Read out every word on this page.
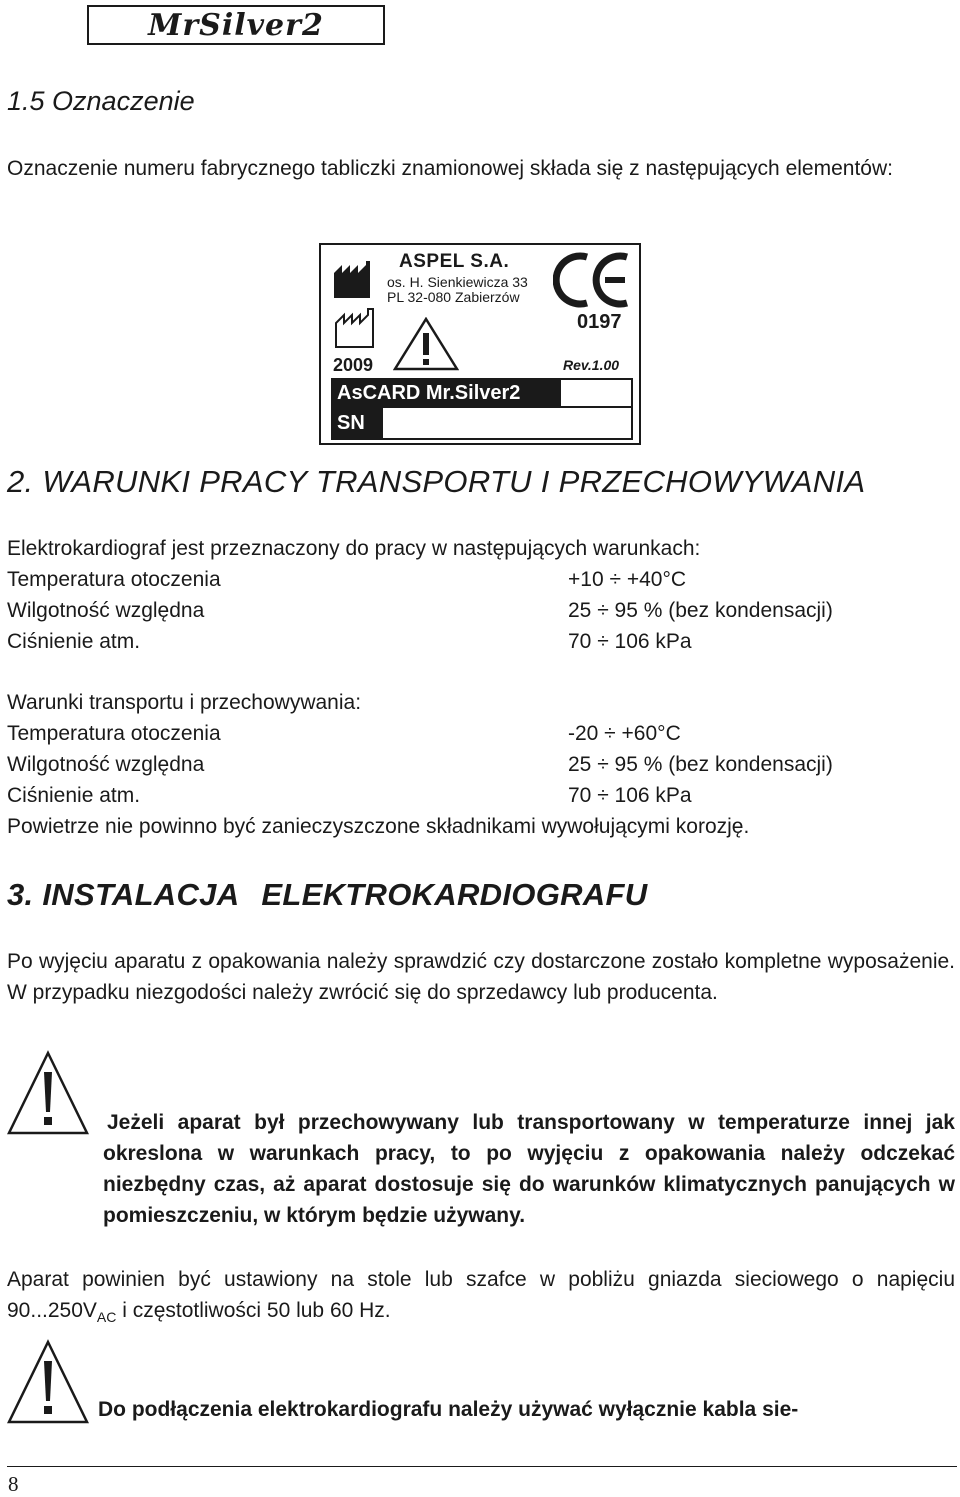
MrSilver2
1.5 Oznaczenie
Oznaczenie numeru fabrycznego tabliczki znamionowej składa się z następujących elementów:
ASPEL S.A.
os. H. Sienkiewicza 33
PL 32-080 Zabierzów
0197
2009	Rev.1.00
AsCARD Mr.Silver2
SN
2. WARUNKI PRACY TRANSPORTU I PRZECHOWYWANIA
Elektrokardiograf jest przeznaczony do pracy w następujących warunkach:
Temperatura otoczenia	+10 ÷ +40°C
Wilgotność względna	25 ÷ 95 % (bez kondensacji)
Ciśnienie atm.	70 ÷ 106 kPa
Warunki transportu i przechowywania:
Temperatura otoczenia	-20 ÷ +60°C
Wilgotność względna	25 ÷ 95 % (bez kondensacji)
Ciśnienie atm.	70 ÷ 106 kPa
Powietrze nie powinno być zanieczyszczone składnikami wywołującymi korozję.
3. INSTALACJA ELEKTROKARDIOGRAFU
Po wyjęciu aparatu z opakowania należy sprawdzić czy dostarczone zostało kompletne wyposażenie. W przypadku niezgodości należy zwrócić się do sprzedawcy lub producenta.
Jeżeli aparat był przechowywany lub transportowany w temperaturze innej jak okreslona w warunkach pracy, to po wyjęciu z opakowania należy odczekać niezbędny czas, aż aparat dostosuje się do warunków klimatycznych panujących w pomieszczeniu, w którym będzie używany.
Aparat powinien być ustawiony na stole lub szafce w pobliżu gniazda sieciowego o napięciu $90...250V_{AC}$ i częstotliwości 50 lub 60 Hz.
Do podłączenia elektrokardiografu należy używać wyłącznie kabla sie-
8
